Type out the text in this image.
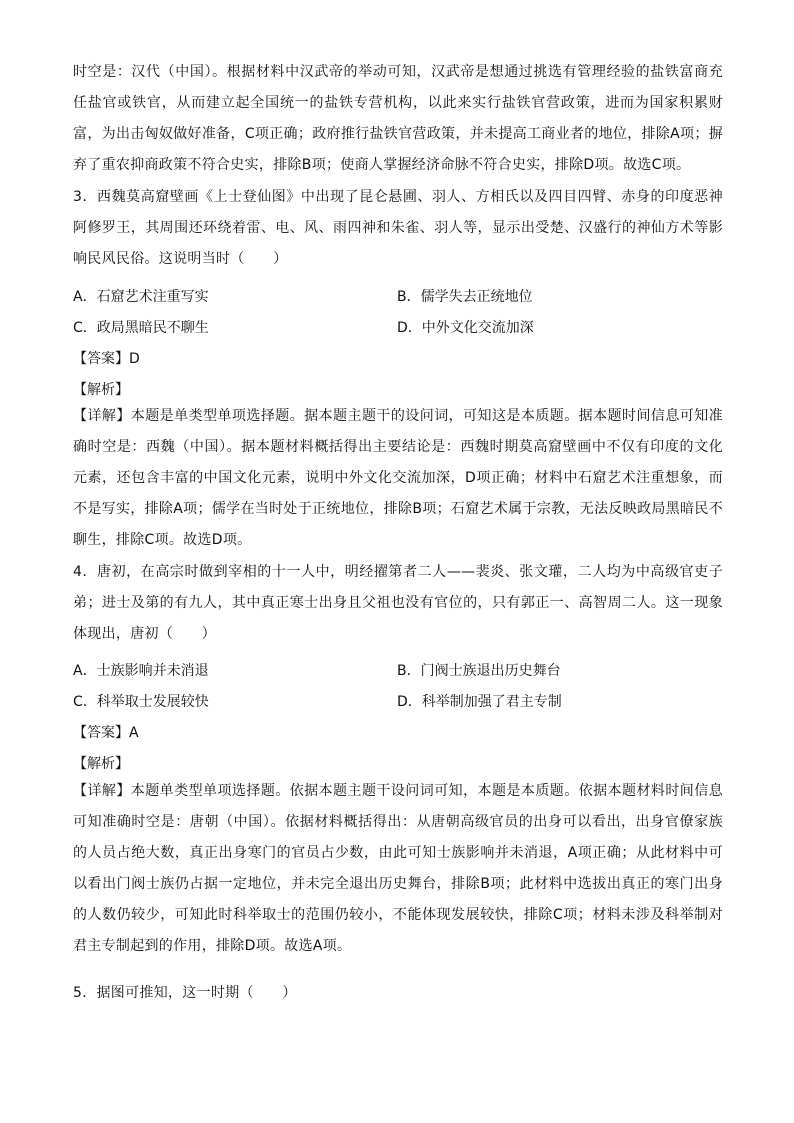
时空是：汉代（中国）。根据材料中汉武帝的举动可知，汉武帝是想通过挑选有管理经验的盐铁富商充任盐官或铁官，从而建立起全国统一的盐铁专营机构，以此来实行盐铁官营政策，进而为国家积累财富，为出击匈奴做好准备，C项正确；政府推行盐铁官营政策，并未提高工商业者的地位，排除A项；摒弃了重农抑商政策不符合史实，排除B项；使商人掌握经济命脉不符合史实，排除D项。故选C项。

3．西魏莫高窟壁画《上士登仙图》中出现了昆仑悬圃、羽人、方相氏以及四目四臂、赤身的印度恶神阿修罗王，其周围还环绕着雷、电、风、雨四神和朱雀、羽人等，显示出受楚、汉盛行的神仙方术等影响民风民俗。这说明当时（　　）

A．石窟艺术注重写实	B．儒学失去正统地位
C．政局黑暗民不聊生	D．中外文化交流加深
【答案】D
【解析】

【详解】本题是单类型单项选择题。据本题主题干的设问词，可知这是本质题。据本题时间信息可知准确时空是：西魏（中国）。据本题材料概括得出主要结论是：西魏时期莫高窟壁画中不仅有印度的文化元素，还包含丰富的中国文化元素，说明中外文化交流加深，D项正确；材料中石窟艺术注重想象，而不是写实，排除A项；儒学在当时处于正统地位，排除B项；石窟艺术属于宗教，无法反映政局黑暗民不聊生，排除C项。故选D项。

4．唐初，在高宗时做到宰相的十一人中，明经擢第者二人——裴炎、张文瓘，二人均为中高级官吏子弟；进士及第的有九人，其中真正寒士出身且父祖也没有官位的，只有郭正一、高智周二人。这一现象体现出，唐初（　　）

A．士族影响并未消退	B．门阀士族退出历史舞台
C．科举取士发展较快	D．科举制加强了君主专制
【答案】A
【解析】

【详解】本题单类型单项选择题。依据本题主题干设问词可知，本题是本质题。依据本题材料时间信息可知准确时空是：唐朝（中国）。依据材料概括得出：从唐朝高级官员的出身可以看出，出身官僚家族的人员占绝大数，真正出身寒门的官员占少数，由此可知士族影响并未消退，A项正确；从此材料中可以看出门阀士族仍占据一定地位，并未完全退出历史舞台，排除B项；此材料中选拔出真正的寒门出身的人数仍较少，可知此时科举取士的范围仍较小，不能体现发展较快，排除C项；材料未涉及科举制对君主专制起到的作用，排除D项。故选A项。

5．据图可推知，这一时期（　　）
